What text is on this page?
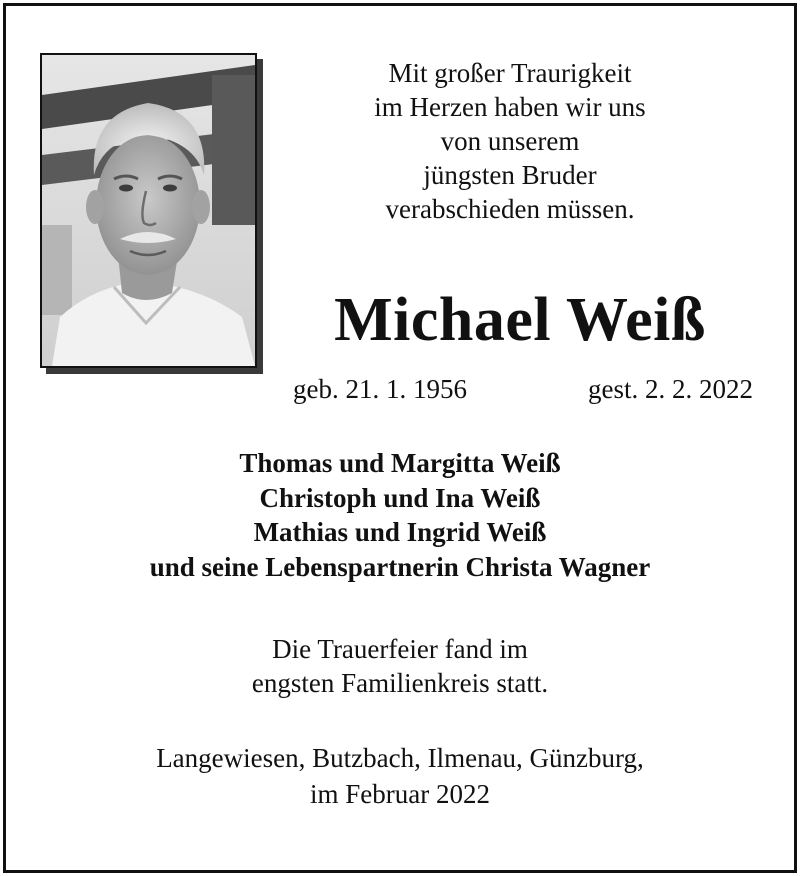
Mit großer Traurigkeit
im Herzen haben wir uns
von unserem
jüngsten Bruder
verabschieden müssen.
Michael Weiß
geb. 21. 1. 1956	gest. 2. 2. 2022
Thomas und Margitta Weiß
Christoph und Ina Weiß
Mathias und Ingrid Weiß
und seine Lebenspartnerin Christa Wagner
Die Trauerfeier fand im
engsten Familienkreis statt.
Langewiesen, Butzbach, Ilmenau, Günzburg,
im Februar 2022
